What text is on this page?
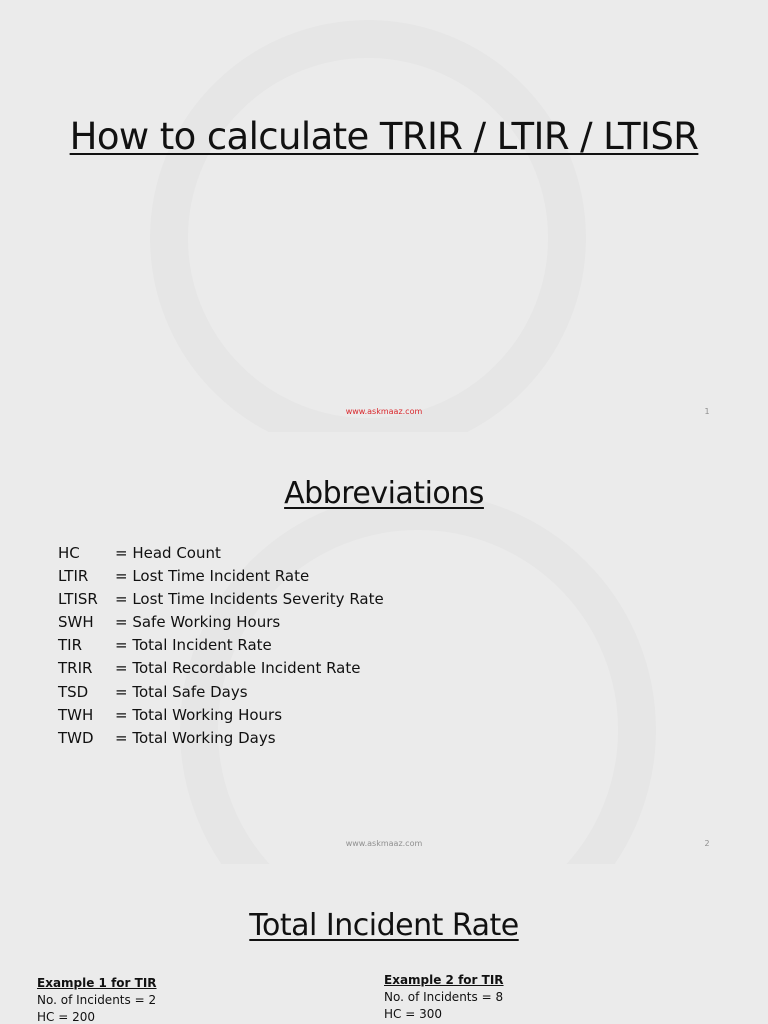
How to calculate TRIR / LTIR / LTISR
www.askmaaz.com	1
Abbreviations
HC	= Head Count
LTIR	= Lost Time Incident Rate
LTISR	= Lost Time Incidents Severity Rate
SWH	= Safe Working Hours
TIR	= Total Incident Rate
TRIR	= Total Recordable Incident Rate
TSD	= Total Safe Days
TWH	= Total Working Hours
TWD	= Total Working Days
www.askmaaz.com	2
Total Incident Rate
Example 1 for TIR
No. of Incidents = 2
HC = 200
Example 2 for TIR
No. of Incidents = 8
HC = 300
